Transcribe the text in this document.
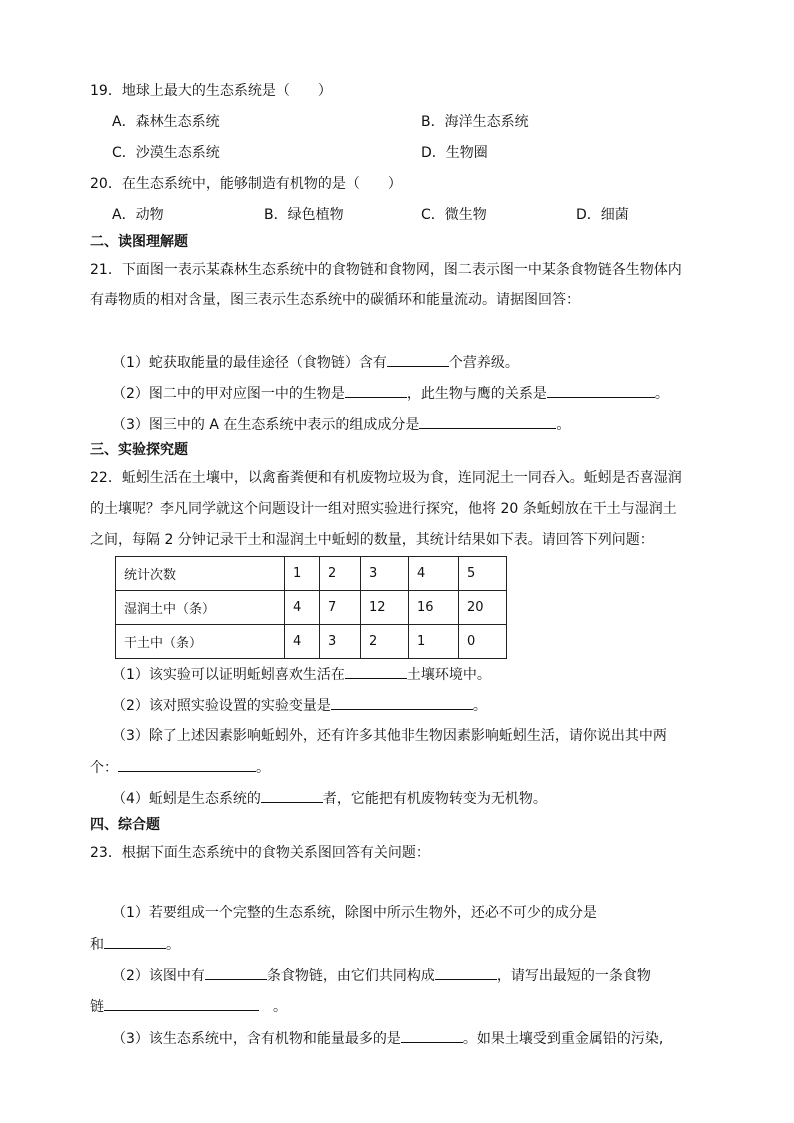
19．地球上最大的生态系统是（　　）
A．森林生态系统	B．海洋生态系统
C．沙漠生态系统	D．生物圈
20．在生态系统中，能够制造有机物的是（　　）
A．动物	B．绿色植物	C．微生物	D．细菌
二、读图理解题
21．下面图一表示某森林生态系统中的食物链和食物网，图二表示图一中某条食物链各生物体内
有毒物质的相对含量，图三表示生态系统中的碳循环和能量流动。请据图回答：
（1）蛇获取能量的最佳途径（食物链）含有	个营养级。
（2）图二中的甲对应图一中的生物是	，此生物与鹰的关系是	。
（3）图三中的 A 在生态系统中表示的组成成分是	。
三、实验探究题
22．蚯蚓生活在土壤中，以禽畜粪便和有机废物垃圾为食，连同泥土一同吞入。蚯蚓是否喜湿润
的土壤呢？李凡同学就这个问题设计一组对照实验进行探究，他将 20 条蚯蚓放在干土与湿润土
之间，每隔 2 分钟记录干土和湿润土中蚯蚓的数量，其统计结果如下表。请回答下列问题：
统计次数	1	2	3	4	5
湿润土中（条）	4	7	12	16	20
干土中（条）	4	3	2	1	0
（1）该实验可以证明蚯蚓喜欢生活在	土壤环境中。
（2）该对照实验设置的实验变量是	。
（3）除了上述因素影响蚯蚓外，还有许多其他非生物因素影响蚯蚓生活，请你说出其中两
个：	。
（4）蚯蚓是生态系统的	者，它能把有机废物转变为无机物。
四、综合题
23．根据下面生态系统中的食物关系图回答有关问题：
（1）若要组成一个完整的生态系统，除图中所示生物外，还必不可少的成分是
和	。
（2）该图中有	条食物链，由它们共同构成	，请写出最短的一条食物
链	。
（3）该生态系统中，含有机物和能量最多的是	。如果土壤受到重金属铅的污染,
